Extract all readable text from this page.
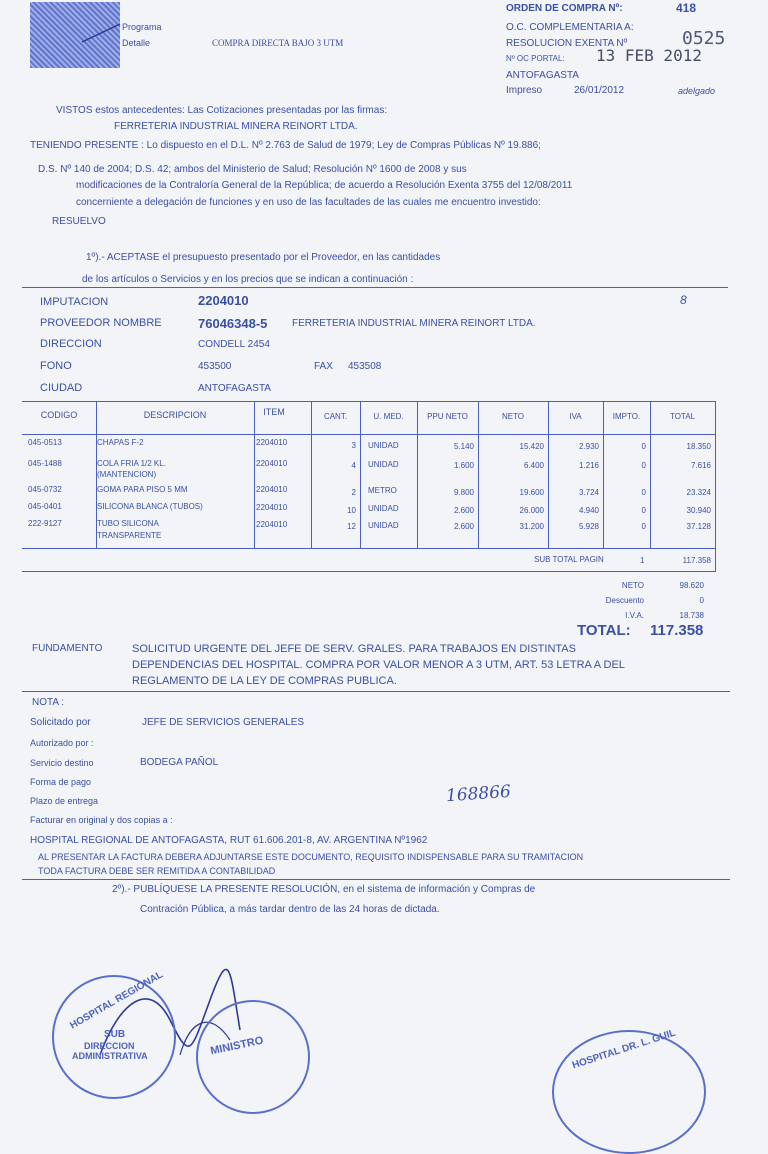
Programa
Detalle	COMPRA DIRECTA BAJO 3 UTM
ORDEN DE COMPRA Nº:	418
O.C. COMPLEMENTARIA A:
RESOLUCION EXENTA Nº	0525
Nº OC PORTAL: 13 FEB 2012
ANTOFAGASTA
Impreso	26/01/2012	adelgado
VISTOS estos antecedentes: Las Cotizaciones presentadas por las firmas:
FERRETERIA INDUSTRIAL MINERA REINORT LTDA.
TENIENDO PRESENTE : Lo dispuesto en el D.L. Nº 2.763 de Salud de 1979; Ley de Compras Públicas Nº 19.886;
D.S. Nº 140 de 2004; D.S. 42; ambos del Ministerio de Salud; Resolución Nº 1600 de 2008 y sus
modificaciones de la Contraloría General de la República; de acuerdo a Resolución Exenta 3755 del 12/08/2011
concerniente a delegación de funciones y en uso de las facultades de las cuales me encuentro investido:
RESUELVO
1º).- ACEPTASE el presupuesto presentado por el Proveedor, en las cantidades
de los artículos o Servicios y en los precios que se indican a continuación :
IMPUTACION	2204010	8
PROVEEDOR NOMBRE	76046348-5 FERRETERIA INDUSTRIAL MINERA REINORT LTDA.
DIRECCION	CONDELL 2454
FONO	453500	FAX 453508
CIUDAD	ANTOFAGASTA
CODIGO	DESCRIPCION	ITEM	CANT.	U. MED.	PPU NETO	NETO	IVA	IMPTO.	TOTAL
045-0513	CHAPAS F-2	2204010	3 UNIDAD	5.140	15.420	2.930	0	18.350
045-1488	COLA FRIA 1/2 KL.
(MANTENCION)
2204010	4 UNIDAD	1.600	6.400	1.216	0	7.616
045-0732	GOMA PARA PISO 5 MM	2204010	2 METRO	9.800	19.600	3.724	0	23.324
045-0401	SILICONA BLANCA (TUBOS)	2204010	10 UNIDAD	2.600	26.000	4.940	0	30.940
222-9127	TUBO SILICONA
TRANSPARENTE
2204010	12 UNIDAD	2.600	31.200	5.928	0	37.128
SUB TOTAL PAGIN	1	117.358
NETO	98.620
Descuento	0
I.V.A.	18.738
TOTAL: 117.358
FUNDAMENTO	SOLICITUD URGENTE DEL JEFE DE SERV. GRALES. PARA TRABAJOS EN DISTINTAS
DEPENDENCIAS DEL HOSPITAL. COMPRA POR VALOR MENOR A 3 UTM, ART. 53 LETRA A DEL
REGLAMENTO DE LA LEY DE COMPRAS PUBLICA.
NOTA :
Solicitado por	JEFE DE SERVICIOS GENERALES
Autorizado por :
Servicio destino	BODEGA PAÑOL
Forma de pago
Plazo de entrega	168866
Facturar en original y dos copias a :
HOSPITAL REGIONAL DE ANTOFAGASTA, RUT 61.606.201-8, AV. ARGENTINA Nº1962
AL PRESENTAR LA FACTURA DEBERA ADJUNTARSE ESTE DOCUMENTO, REQUISITO INDISPENSABLE PARA SU TRAMITACION
TODA FACTURA DEBE SER REMITIDA A CONTABILIDAD
2º).- PUBLÍQUESE LA PRESENTE RESOLUCIÓN, en el sistema de información y Compras de
Contración Pública, a más tardar dentro de las 24 horas de dictada.
HOSPITAL REGIONAL
SUB
DIRECCION
ADMINISTRATIVA	MINISTRO	HOSPITAL DR. L. GUIL
